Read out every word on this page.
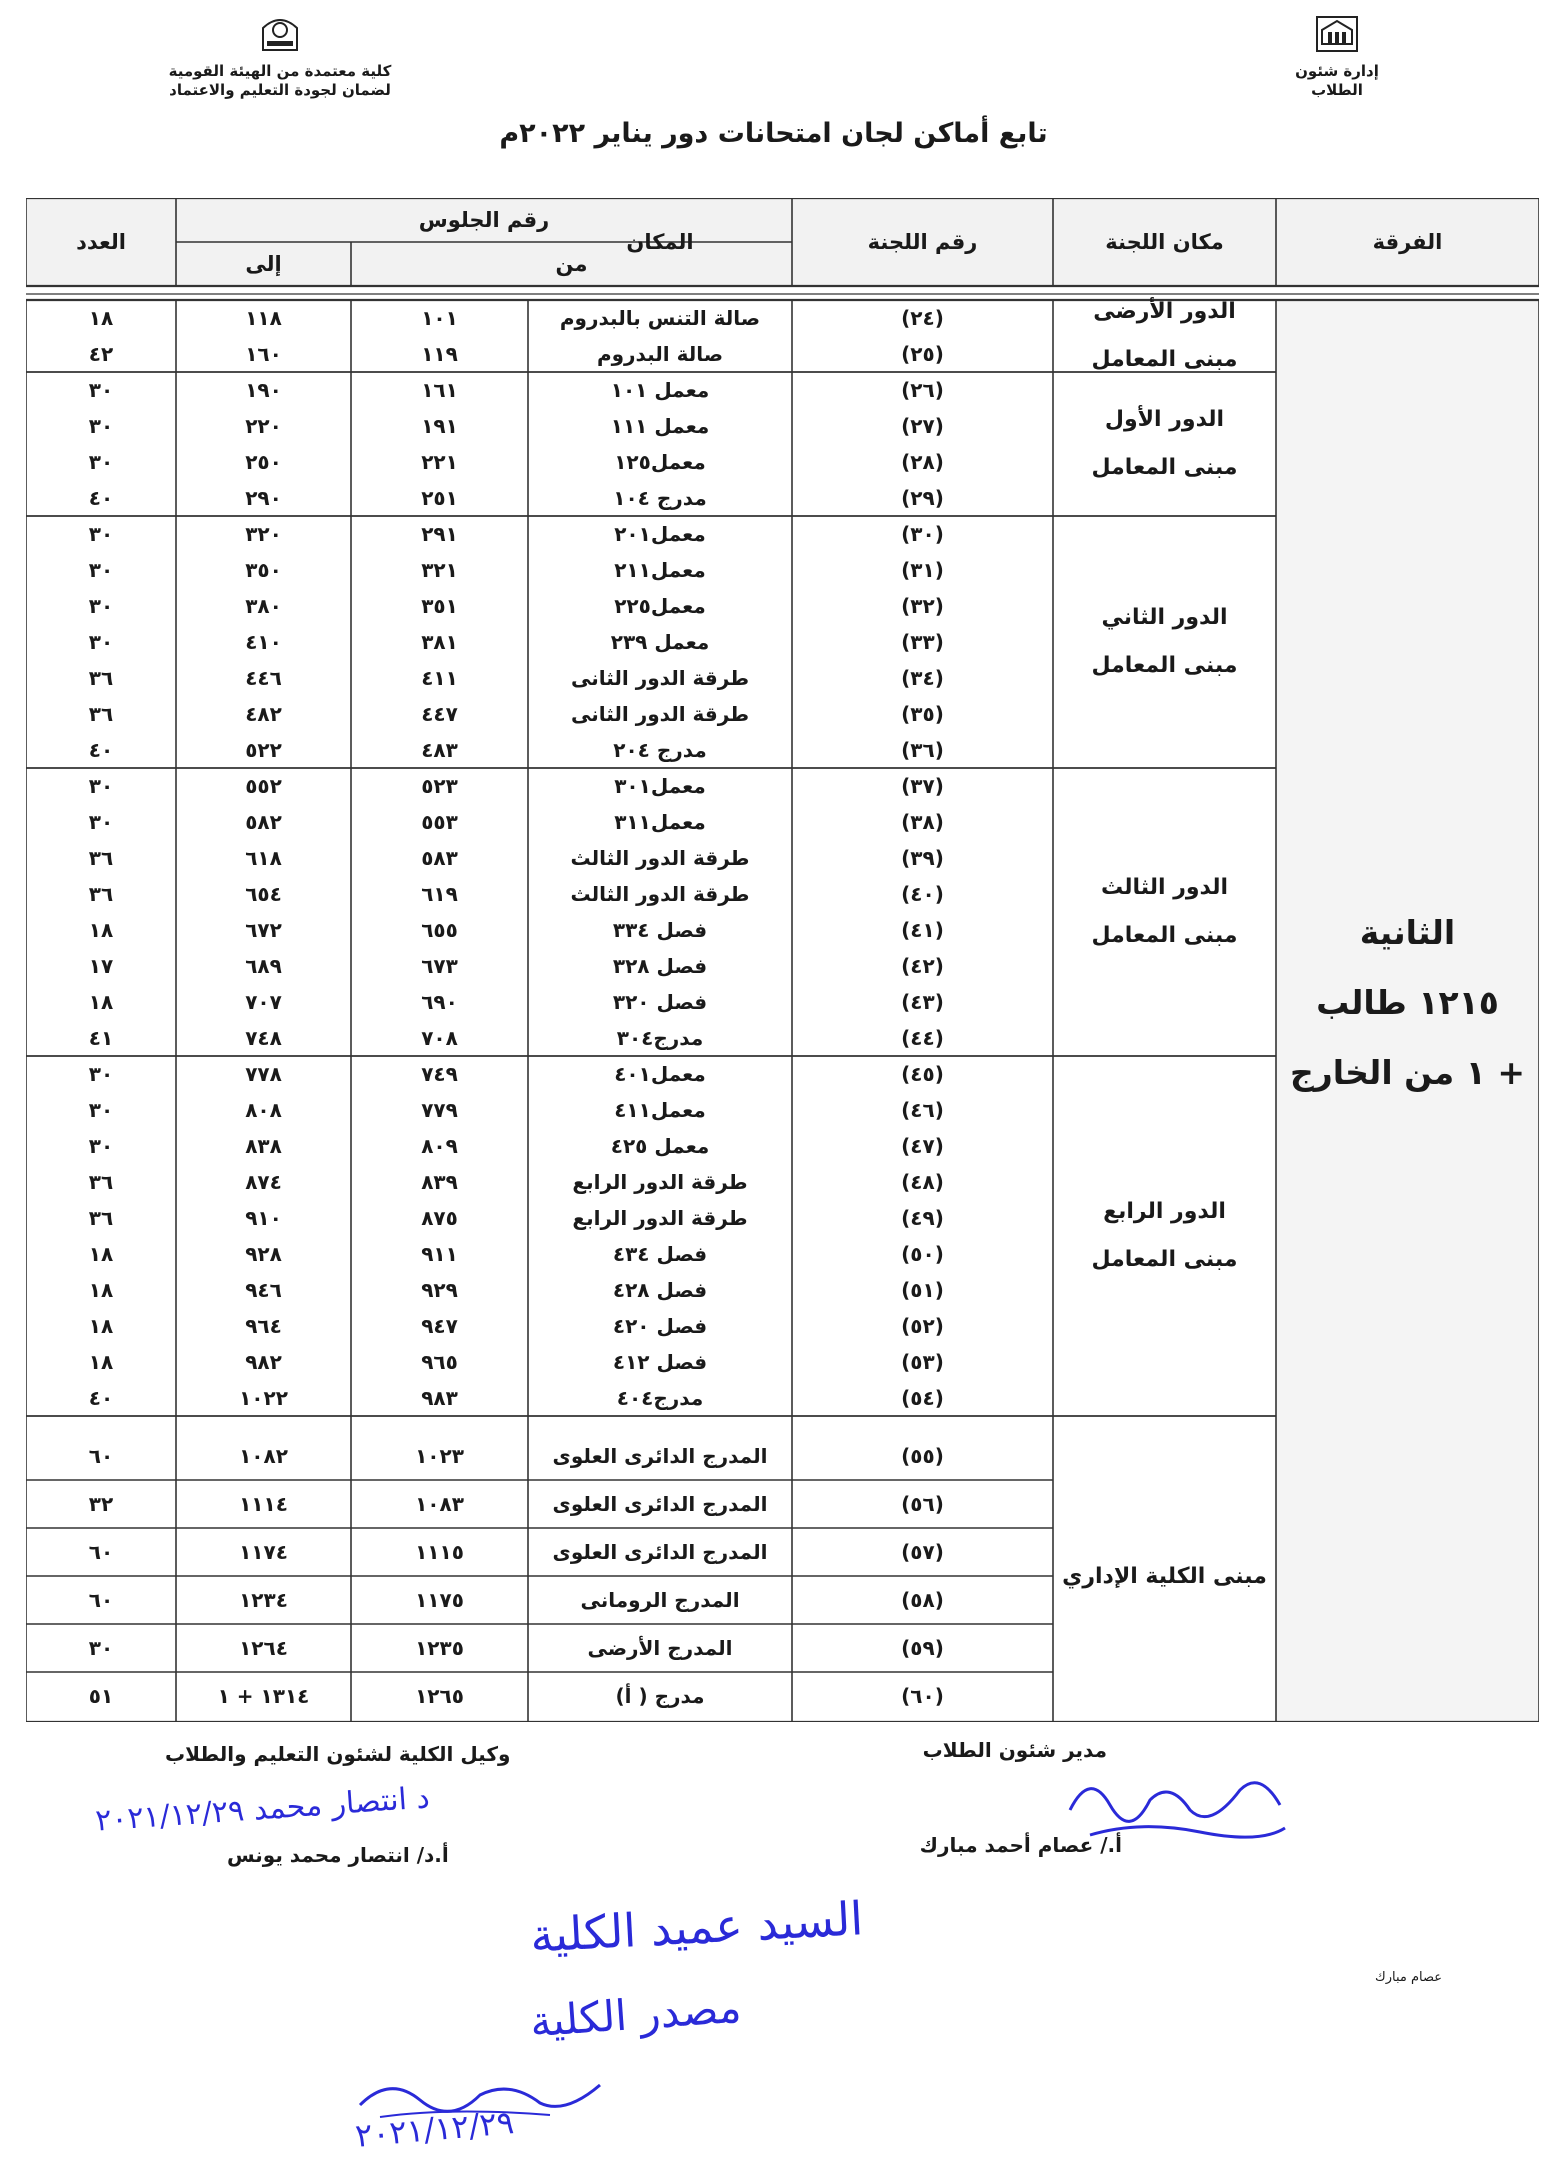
إدارة شئون الطلاب
كلية معتمدة من الهيئة القومية
لضمان لجودة التعليم والاعتماد
تابع أماكن لجان امتحانات دور يناير ٢٠٢٢م
الفرقة
مكان اللجنة
رقم اللجنة
المكان
رقم الجلوس
من
إلى
العدد
١٨	١١٨	١٠١	صالة التنس بالبدروم	(٢٤)
٤٢	١٦٠	١١٩	صالة البدروم	(٢٥)
الدور الأرضى
مبنى المعامل
٣٠	١٩٠	١٦١	معمل ١٠١	(٢٦)
٣٠	٢٢٠	١٩١	معمل ١١١	(٢٧)
٣٠	٢٥٠	٢٢١	معمل١٢٥	(٢٨)
٤٠	٢٩٠	٢٥١	مدرج ١٠٤	(٢٩)
الدور الأول
مبنى المعامل
٣٠	٣٢٠	٢٩١	معمل٢٠١	(٣٠)
٣٠	٣٥٠	٣٢١	معمل٢١١	(٣١)
٣٠	٣٨٠	٣٥١	معمل٢٢٥	(٣٢)
٣٠	٤١٠	٣٨١	معمل ٢٣٩	(٣٣)
٣٦	٤٤٦	٤١١	طرقة الدور الثانى	(٣٤)
٣٦	٤٨٢	٤٤٧	طرقة الدور الثانى	(٣٥)
٤٠	٥٢٢	٤٨٣	مدرج ٢٠٤	(٣٦)
الدور الثاني
مبنى المعامل
٣٠	٥٥٢	٥٢٣	معمل٣٠١	(٣٧)
٣٠	٥٨٢	٥٥٣	معمل٣١١	(٣٨)
٣٦	٦١٨	٥٨٣	طرقة الدور الثالث	(٣٩)
٣٦	٦٥٤	٦١٩	طرقة الدور الثالث	(٤٠)
١٨	٦٧٢	٦٥٥	فصل ٣٣٤	(٤١)
١٧	٦٨٩	٦٧٣	فصل ٣٢٨	(٤٢)
١٨	٧٠٧	٦٩٠	فصل ٣٢٠	(٤٣)
٤١	٧٤٨	٧٠٨	مدرج٣٠٤	(٤٤)
الدور الثالث
مبنى المعامل
٣٠	٧٧٨	٧٤٩	معمل٤٠١	(٤٥)
٣٠	٨٠٨	٧٧٩	معمل٤١١	(٤٦)
٣٠	٨٣٨	٨٠٩	معمل ٤٢٥	(٤٧)
٣٦	٨٧٤	٨٣٩	طرقة الدور الرابع	(٤٨)
٣٦	٩١٠	٨٧٥	طرقة الدور الرابع	(٤٩)
١٨	٩٢٨	٩١١	فصل ٤٣٤	(٥٠)
١٨	٩٤٦	٩٢٩	فصل ٤٢٨	(٥١)
١٨	٩٦٤	٩٤٧	فصل ٤٢٠	(٥٢)
١٨	٩٨٢	٩٦٥	فصل ٤١٢	(٥٣)
٤٠	١٠٢٢	٩٨٣	مدرج٤٠٤	(٥٤)
الدور الرابع
مبنى المعامل
٦٠	١٠٨٢	١٠٢٣	المدرج الدائرى العلوى	(٥٥)
٣٢	١١١٤	١٠٨٣	المدرج الدائرى العلوى	(٥٦)
٦٠	١١٧٤	١١١٥	المدرج الدائرى العلوى	(٥٧)
٦٠	١٢٣٤	١١٧٥	المدرج الرومانى	(٥٨)
٣٠	١٢٦٤	١٢٣٥	المدرج الأرضى	(٥٩)
٥١	١٣١٤ + ١	١٢٦٥	مدرج ( أ)	(٦٠)
مبنى الكلية الإداري
الثانية
١٢١٥ طالب
+ ١ من الخارج
مدير شئون الطلاب
أ./ عصام أحمد مبارك
وكيل الكلية لشئون التعليم والطلاب
أ.د/ انتصار محمد يونس
عصام مبارك
د انتصار محمد ٢٠٢١/١٢/٢٩
السيد عميد الكلية
مصدر الكلية
٢٠٢١/١٢/٢٩
